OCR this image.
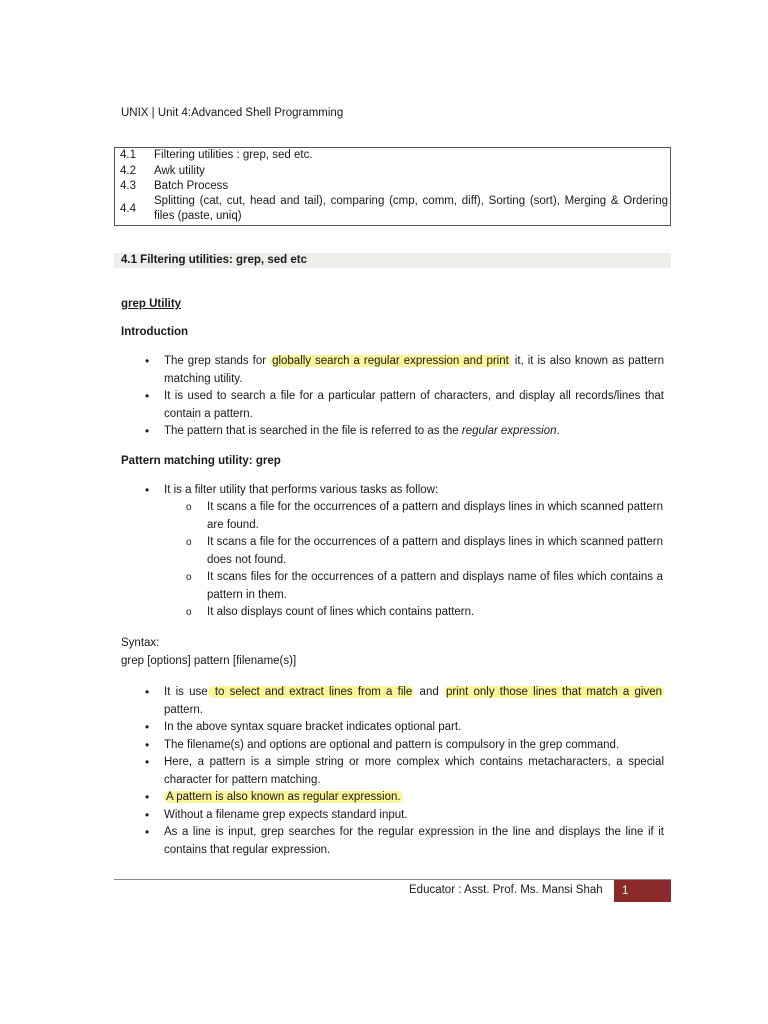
UNIX | Unit 4:Advanced Shell Programming
4.1	Filtering utilities : grep, sed etc.
4.2	Awk utility
4.3	Batch Process
4.4	Splitting (cat, cut, head and tail), comparing (cmp, comm, diff), Sorting (sort), Merging & Ordering files (paste, uniq)
4.1 Filtering utilities: grep, sed etc
grep Utility
Introduction
• The grep stands for globally search a regular expression and print it, it is also known as pattern matching utility.
• It is used to search a file for a particular pattern of characters, and display all records/lines that contain a pattern.
• The pattern that is searched in the file is referred to as the regular expression.
Pattern matching utility: grep
• It is a filter utility that performs various tasks as follow:
o It scans a file for the occurrences of a pattern and displays lines in which scanned pattern are found.
o It scans a file for the occurrences of a pattern and displays lines in which scanned pattern does not found.
o It scans files for the occurrences of a pattern and displays name of files which contains a pattern in them.
o It also displays count of lines which contains pattern.
Syntax:
grep [options] pattern [filename(s)]
• It is use to select and extract lines from a file and print only those lines that match a given pattern.
• In the above syntax square bracket indicates optional part.
• The filename(s) and options are optional and pattern is compulsory in the grep command.
• Here, a pattern is a simple string or more complex which contains metacharacters, a special character for pattern matching.
• A pattern is also known as regular expression.
• Without a filename grep expects standard input.
• As a line is input, grep searches for the regular expression in the line and displays the line if it contains that regular expression.
Educator : Asst. Prof. Ms. Mansi Shah	1
